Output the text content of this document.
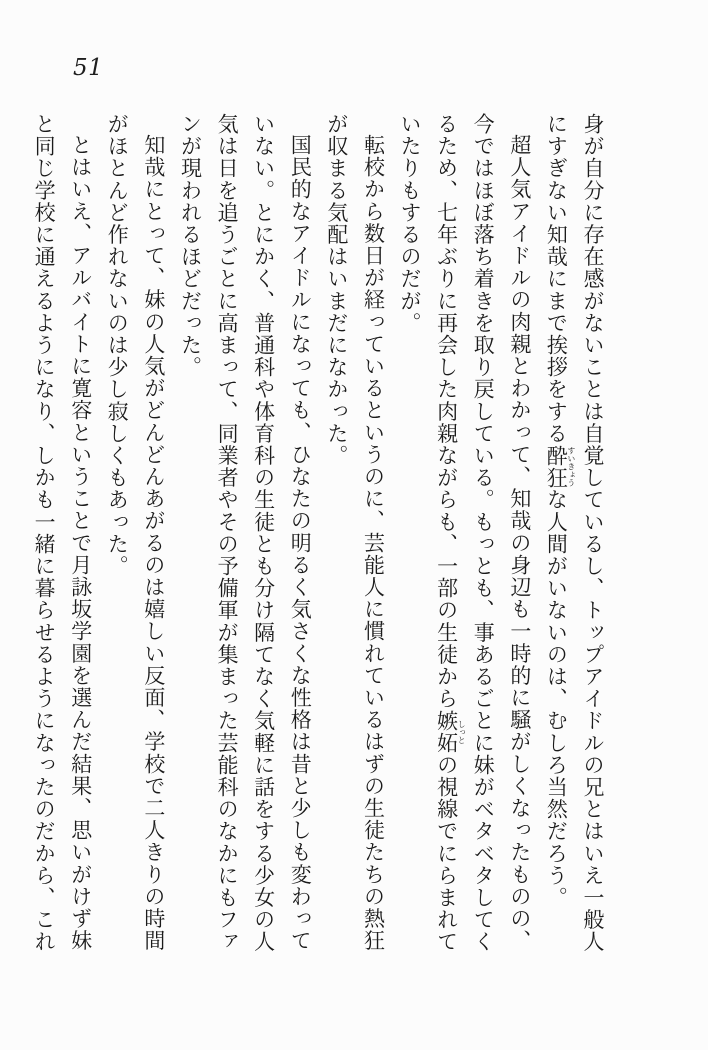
51

身が自分に存在感がないことは自覚しているし、トップアイドルの兄とはいえ一般人にすぎない知哉にまで挨拶をする酔狂すいきょうな人間がいないのは、むしろ当然だろう。

超人気アイドルの肉親とわかって、知哉の身辺も一時的に騒がしくなったものの、今ではほぼ落ち着きを取り戻している。もっとも、事あるごとに妹がベタベタしてくるため、七年ぶりに再会した肉親ながらも、一部の生徒から嫉妬しっとの視線でにらまれていたりもするのだが。

転校から数日が経っているというのに、芸能人に慣れているはずの生徒たちの熱狂が収まる気配はいまだになかった。

国民的なアイドルになっても、ひなたの明るく気さくな性格は昔と少しも変わっていない。とにかく、普通科や体育科の生徒とも分け隔てなく気軽に話をする少女の人気は日を追うごとに高まって、同業者やその予備軍が集まった芸能科のなかにもファンが現われるほどだった。

知哉にとって、妹の人気がどんどんあがるのは嬉しい反面、学校で二人きりの時間がほとんど作れないのは少し寂しくもあった。

とはいえ、アルバイトに寛容ということで月詠坂学園を選んだ結果、思いがけず妹と同じ学校に通えるようになり、しかも一緒に暮らせるようになったのだから、これ
